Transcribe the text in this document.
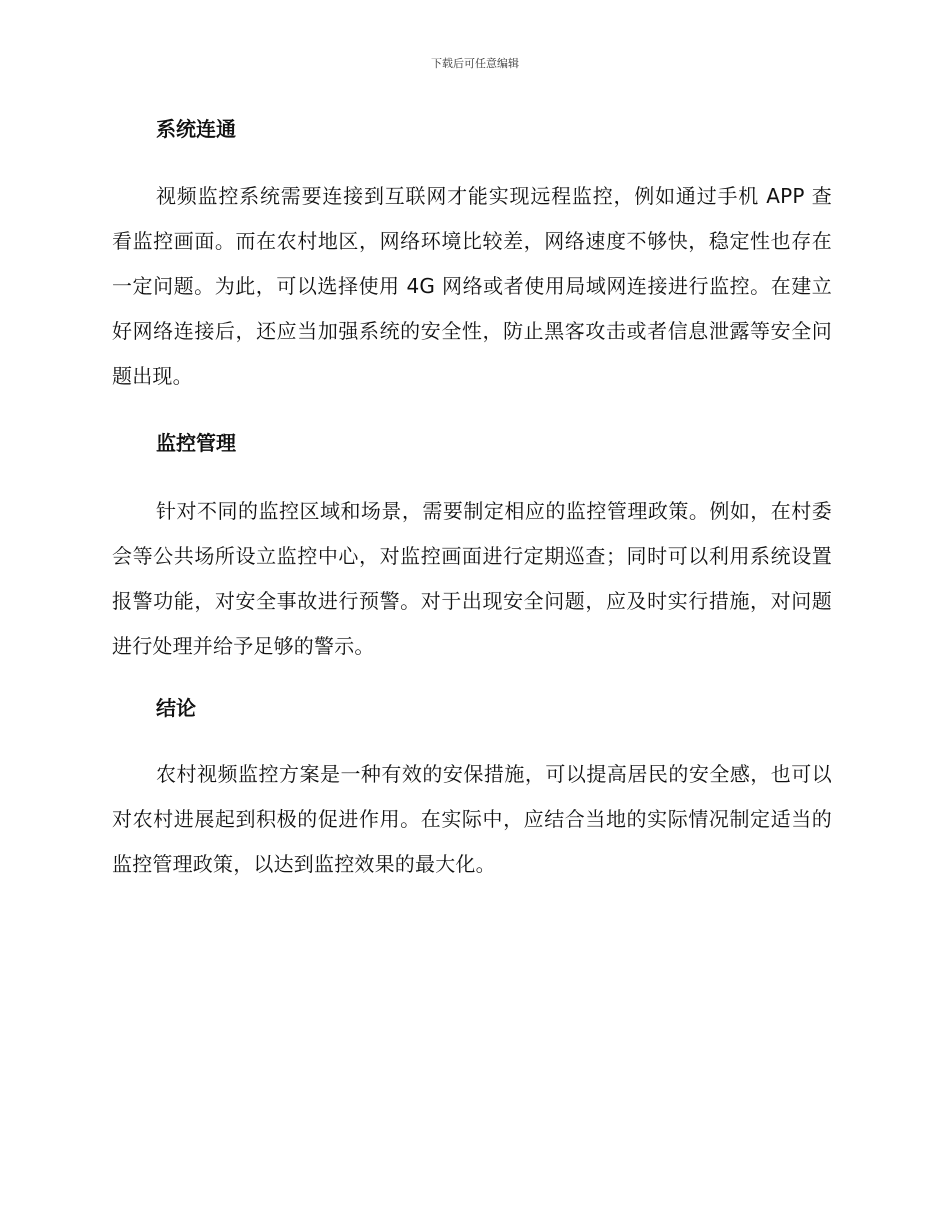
下载后可任意编辑
系统连通

视频监控系统需要连接到互联网才能实现远程监控，例如通过手机 APP 查看监控画面。而在农村地区，网络环境比较差，网络速度不够快，稳定性也存在一定问题。为此，可以选择使用 4G 网络或者使用局域网连接进行监控。在建立好网络连接后，还应当加强系统的安全性，防止黑客攻击或者信息泄露等安全问题出现。

监控管理

针对不同的监控区域和场景，需要制定相应的监控管理政策。例如，在村委会等公共场所设立监控中心，对监控画面进行定期巡查；同时可以利用系统设置报警功能，对安全事故进行预警。对于出现安全问题，应及时实行措施，对问题进行处理并给予足够的警示。

结论

农村视频监控方案是一种有效的安保措施，可以提高居民的安全感，也可以对农村进展起到积极的促进作用。在实际中，应结合当地的实际情况制定适当的监控管理政策，以达到监控效果的最大化。
